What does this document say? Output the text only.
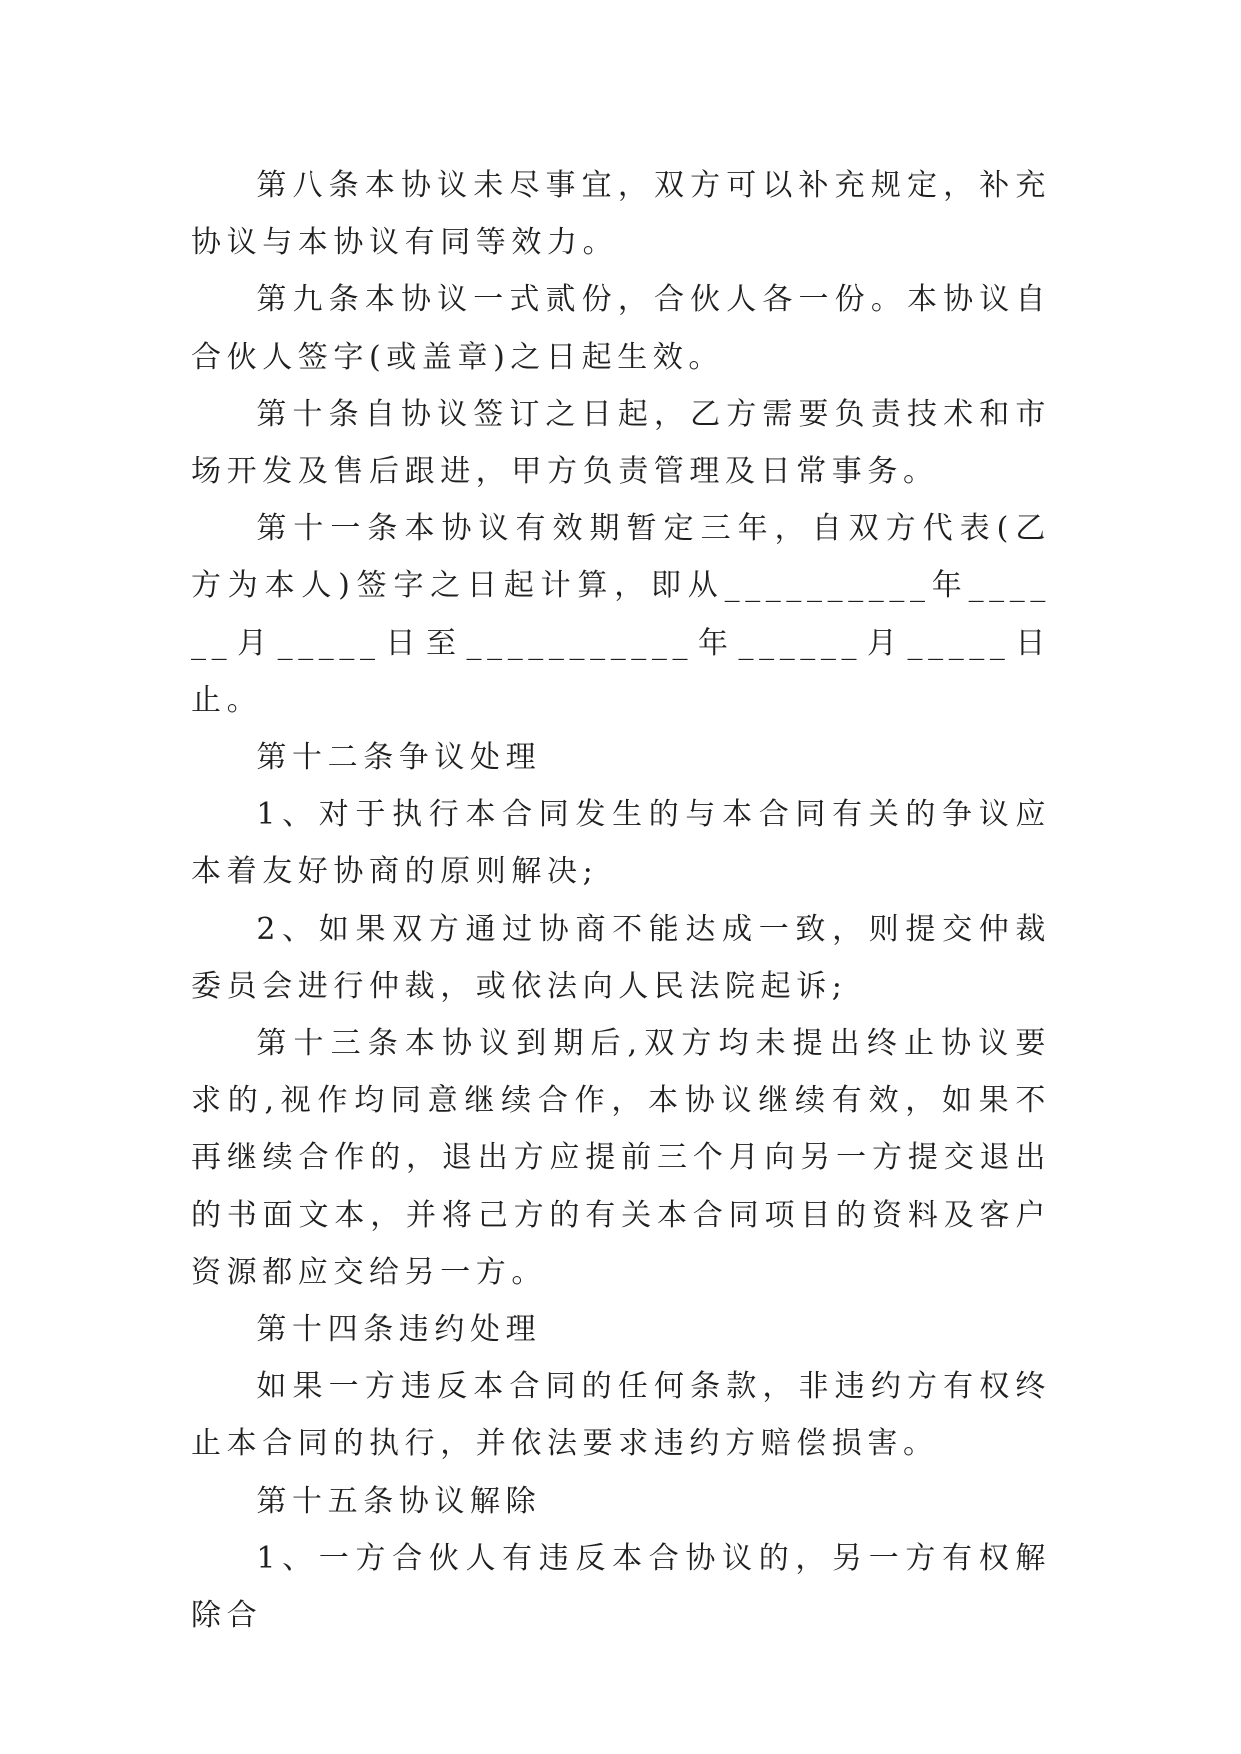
第八条本协议未尽事宜，双方可以补充规定，补充协议与本协议有同等效力。

第九条本协议一式贰份，合伙人各一份。本协议自合伙人签字(或盖章)之日起生效。

第十条自协议签订之日起，乙方需要负责技术和市场开发及售后跟进，甲方负责管理及日常事务。

第十一条本协议有效期暂定三年，自双方代表(乙方为本人)签字之日起计算，即从__________年______月_____日至___________年______月_____日止。

第十二条争议处理

1、对于执行本合同发生的与本合同有关的争议应本着友好协商的原则解决;

2、如果双方通过协商不能达成一致，则提交仲裁委员会进行仲裁，或依法向人民法院起诉;

第十三条本协议到期后,双方均未提出终止协议要求的,视作均同意继续合作，本协议继续有效，如果不再继续合作的，退出方应提前三个月向另一方提交退出的书面文本，并将己方的有关本合同项目的资料及客户资源都应交给另一方。

第十四条违约处理

如果一方违反本合同的任何条款，非违约方有权终止本合同的执行，并依法要求违约方赔偿损害。

第十五条协议解除

1、一方合伙人有违反本合协议的，另一方有权解除合
